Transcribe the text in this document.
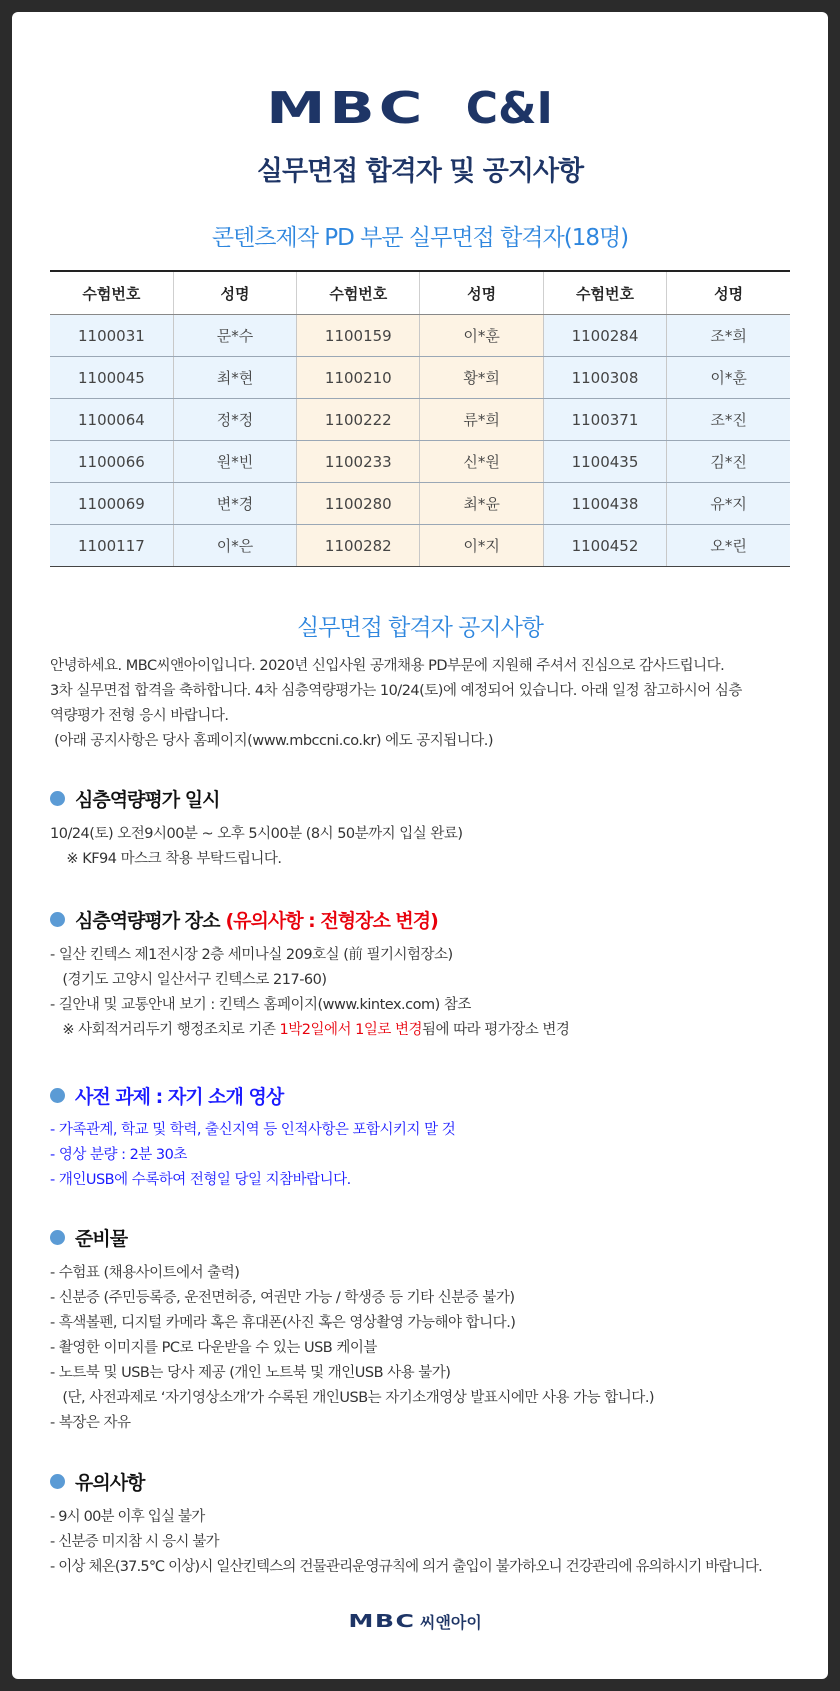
MBC C&I
실무면접 합격자 및 공지사항
콘텐츠제작 PD 부문 실무면접 합격자(18명)
수험번호	성명	수험번호	성명	수험번호	성명
1100031	문*수	1100159	이*훈	1100284	조*희
1100045	최*현	1100210	황*희	1100308	이*훈
1100064	정*정	1100222	류*희	1100371	조*진
1100066	원*빈	1100233	신*원	1100435	김*진
1100069	변*경	1100280	최*윤	1100438	유*지
1100117	이*은	1100282	이*지	1100452	오*린
실무면접 합격자 공지사항
안녕하세요. MBC씨앤아이입니다. 2020년 신입사원 공개채용 PD부문에 지원해 주셔서 진심으로 감사드립니다.
3차 실무면접 합격을 축하합니다. 4차 심층역량평가는 10/24(토)에 예정되어 있습니다. 아래 일정 참고하시어 심층
역량평가 전형 응시 바랍니다.
(아래 공지사항은 당사 홈페이지(www.mbccni.co.kr) 에도 공지됩니다.)
심층역량평가 일시
10/24(토) 오전9시00분 ~ 오후 5시00분 (8시 50분까지 입실 완료)
※ KF94 마스크 착용 부탁드립니다.
심층역량평가 장소 (유의사항 : 전형장소 변경)
- 일산 킨텍스 제1전시장 2층 세미나실 209호실 (前 필기시험장소)
(경기도 고양시 일산서구 킨텍스로 217-60)
- 길안내 및 교통안내 보기 : 킨텍스 홈페이지(www.kintex.com) 참조
※ 사회적거리두기 행정조치로 기존 1박2일에서 1일로 변경됨에 따라 평가장소 변경
사전 과제 : 자기 소개 영상
- 가족관계, 학교 및 학력, 출신지역 등 인적사항은 포함시키지 말 것
- 영상 분량 : 2분 30초
- 개인USB에 수록하여 전형일 당일 지참바랍니다.
준비물
- 수험표 (채용사이트에서 출력)
- 신분증 (주민등록증, 운전면허증, 여권만 가능 / 학생증 등 기타 신분증 불가)
- 흑색볼펜, 디지털 카메라 혹은 휴대폰(사진 혹은 영상촬영 가능해야 합니다.)
- 촬영한 이미지를 PC로 다운받을 수 있는 USB 케이블
- 노트북 및 USB는 당사 제공 (개인 노트북 및 개인USB 사용 불가)
(단, 사전과제로 ‘자기영상소개’가 수록된 개인USB는 자기소개영상 발표시에만 사용 가능 합니다.)
- 복장은 자유
유의사항
- 9시 00분 이후 입실 불가
- 신분증 미지참 시 응시 불가
- 이상 체온(37.5℃ 이상)시 일산킨텍스의 건물관리운영규칙에 의거 출입이 불가하오니 건강관리에 유의하시기 바랍니다.
MBC 씨앤아이
